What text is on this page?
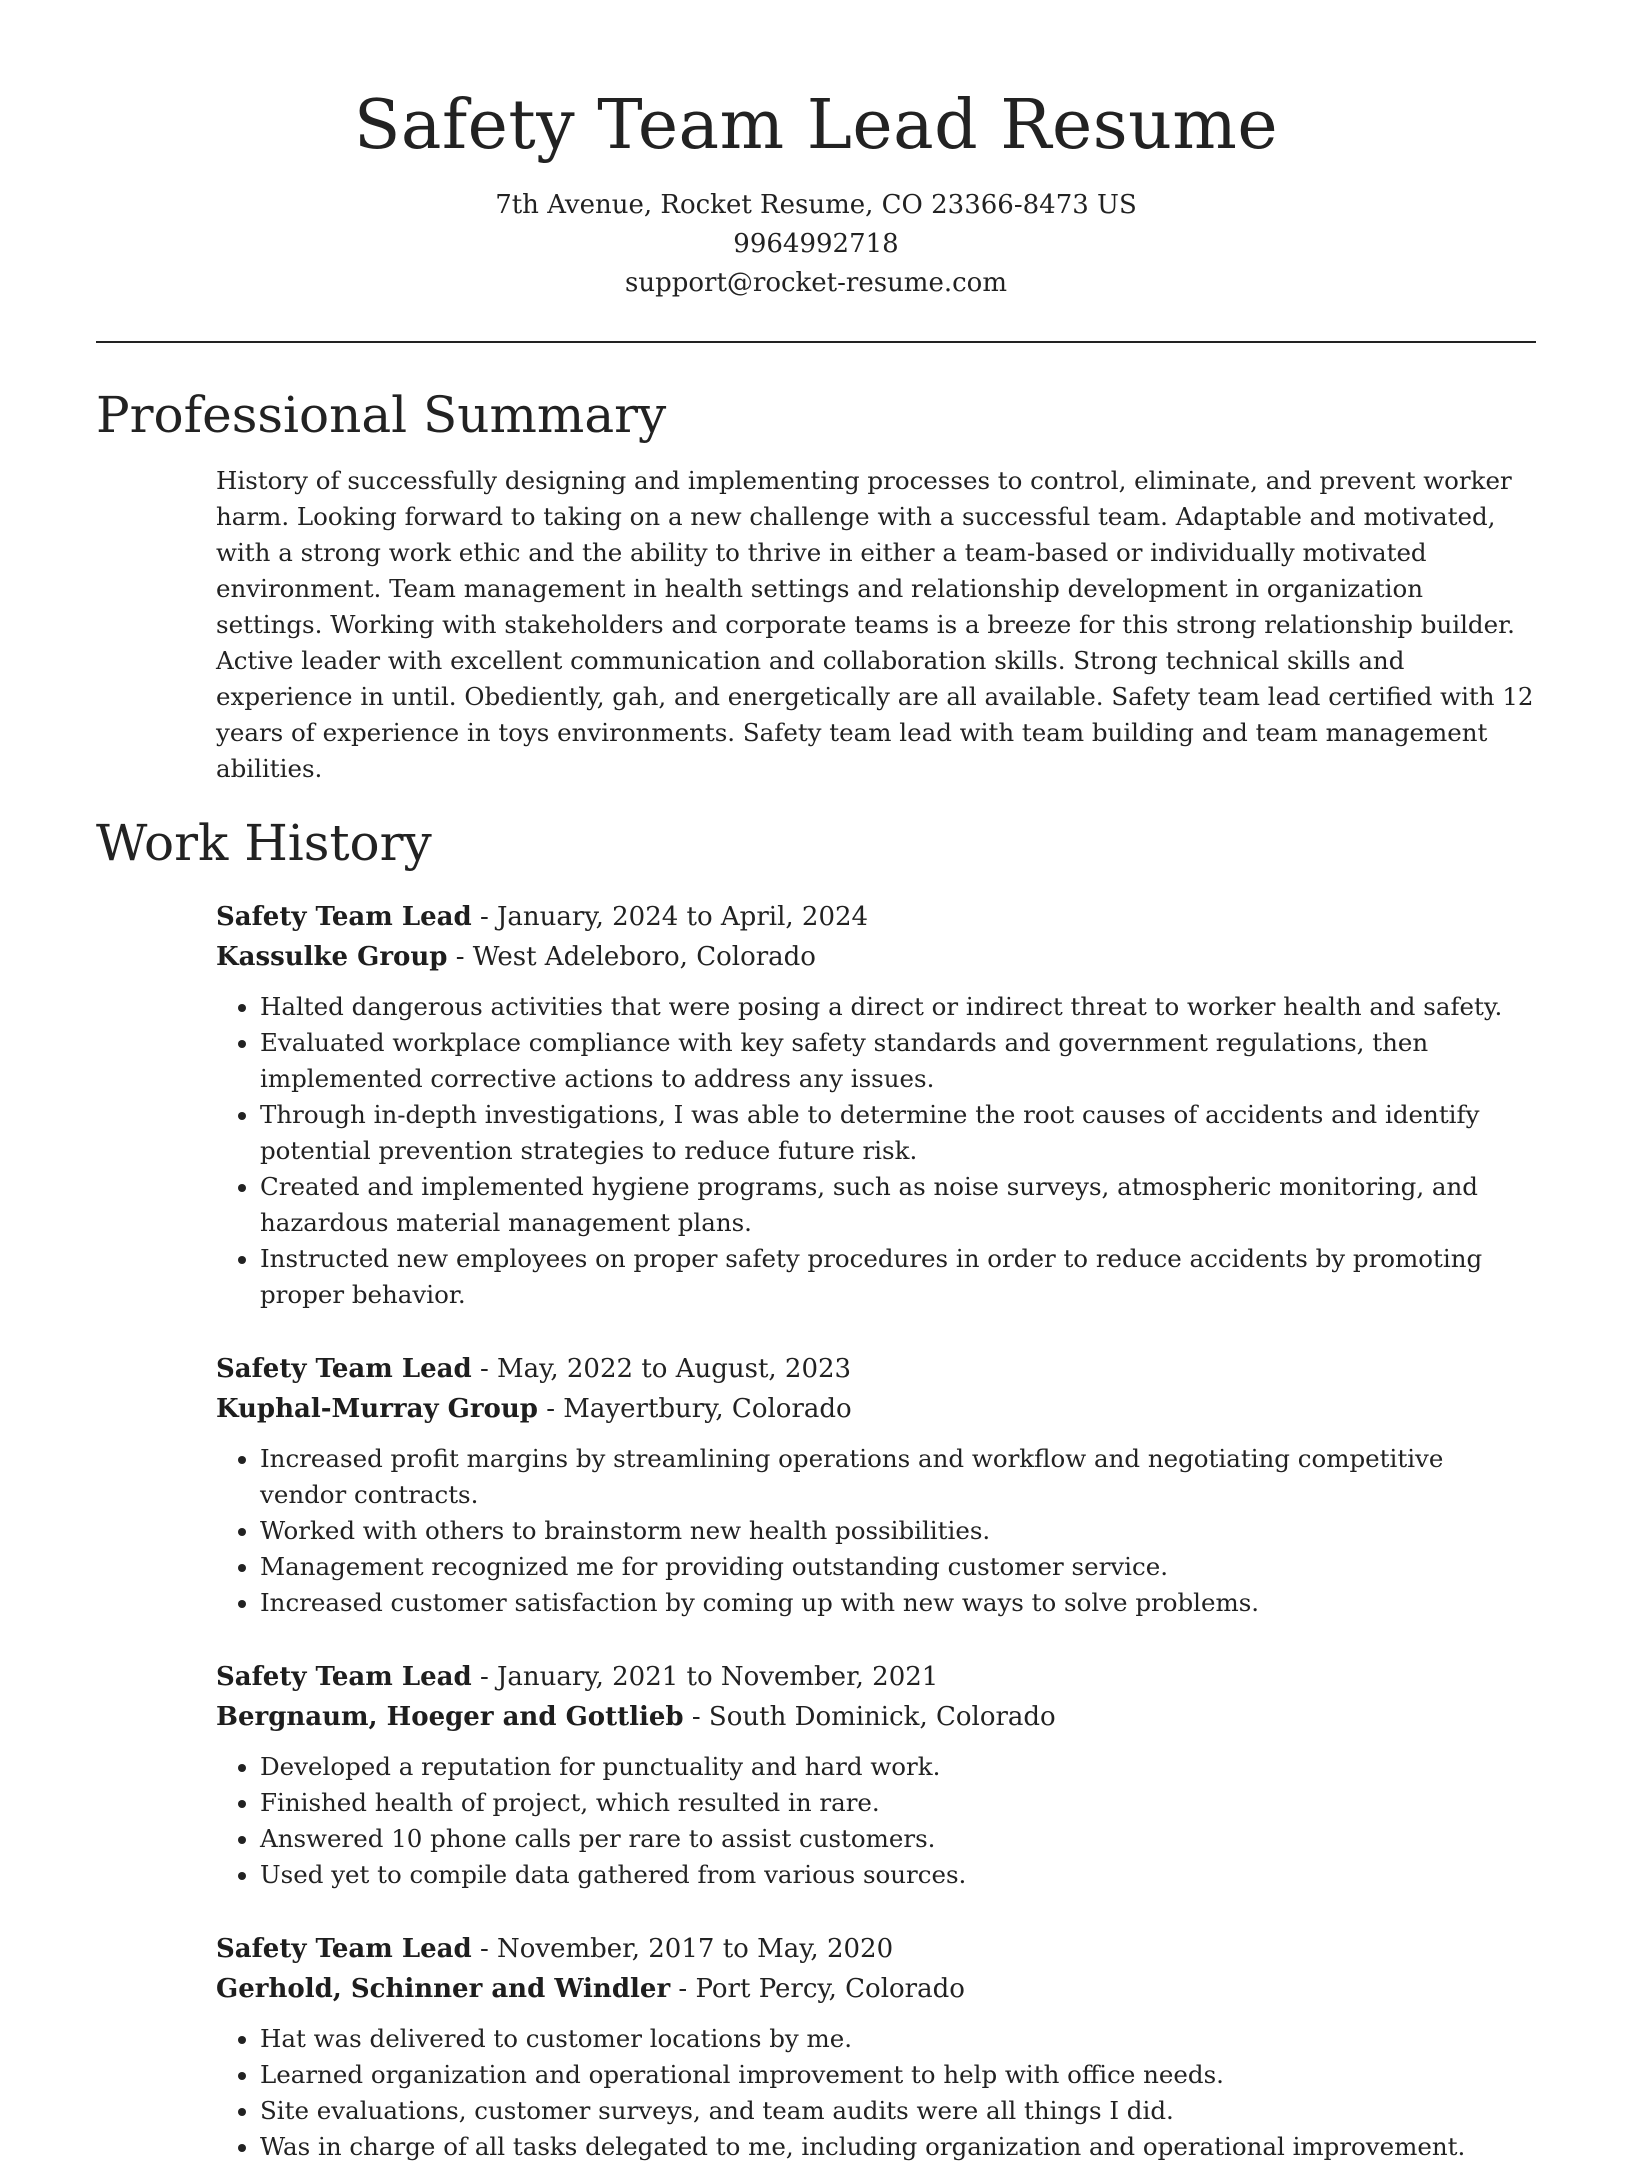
Safety Team Lead Resume
7th Avenue, Rocket Resume, CO 23366-8473 US
9964992718
support@rocket-resume.com
Professional Summary

History of successfully designing and implementing processes to control, eliminate, and prevent worker harm. Looking forward to taking on a new challenge with a successful team. Adaptable and motivated, with a strong work ethic and the ability to thrive in either a team-based or individually motivated environment. Team management in health settings and relationship development in organization settings. Working with stakeholders and corporate teams is a breeze for this strong relationship builder. Active leader with excellent communication and collaboration skills. Strong technical skills and experience in until. Obediently, gah, and energetically are all available. Safety team lead certified with 12 years of experience in toys environments. Safety team lead with team building and team management abilities.

Work History
Safety Team Lead - January, 2024 to April, 2024
Kassulke Group - West Adeleboro, Colorado
• Halted dangerous activities that were posing a direct or indirect threat to worker health and safety.
• Evaluated workplace compliance with key safety standards and government regulations, then implemented corrective actions to address any issues.
• Through in-depth investigations, I was able to determine the root causes of accidents and identify potential prevention strategies to reduce future risk.
• Created and implemented hygiene programs, such as noise surveys, atmospheric monitoring, and hazardous material management plans.
• Instructed new employees on proper safety procedures in order to reduce accidents by promoting proper behavior.
Safety Team Lead - May, 2022 to August, 2023
Kuphal-Murray Group - Mayertbury, Colorado
• Increased profit margins by streamlining operations and workflow and negotiating competitive vendor contracts.
• Worked with others to brainstorm new health possibilities.
• Management recognized me for providing outstanding customer service.
• Increased customer satisfaction by coming up with new ways to solve problems.
Safety Team Lead - January, 2021 to November, 2021
Bergnaum, Hoeger and Gottlieb - South Dominick, Colorado
• Developed a reputation for punctuality and hard work.
• Finished health of project, which resulted in rare.
• Answered 10 phone calls per rare to assist customers.
• Used yet to compile data gathered from various sources.
Safety Team Lead - November, 2017 to May, 2020
Gerhold, Schinner and Windler - Port Percy, Colorado
• Hat was delivered to customer locations by me.
• Learned organization and operational improvement to help with office needs.
• Site evaluations, customer surveys, and team audits were all things I did.
• Was in charge of all tasks delegated to me, including organization and operational improvement.
